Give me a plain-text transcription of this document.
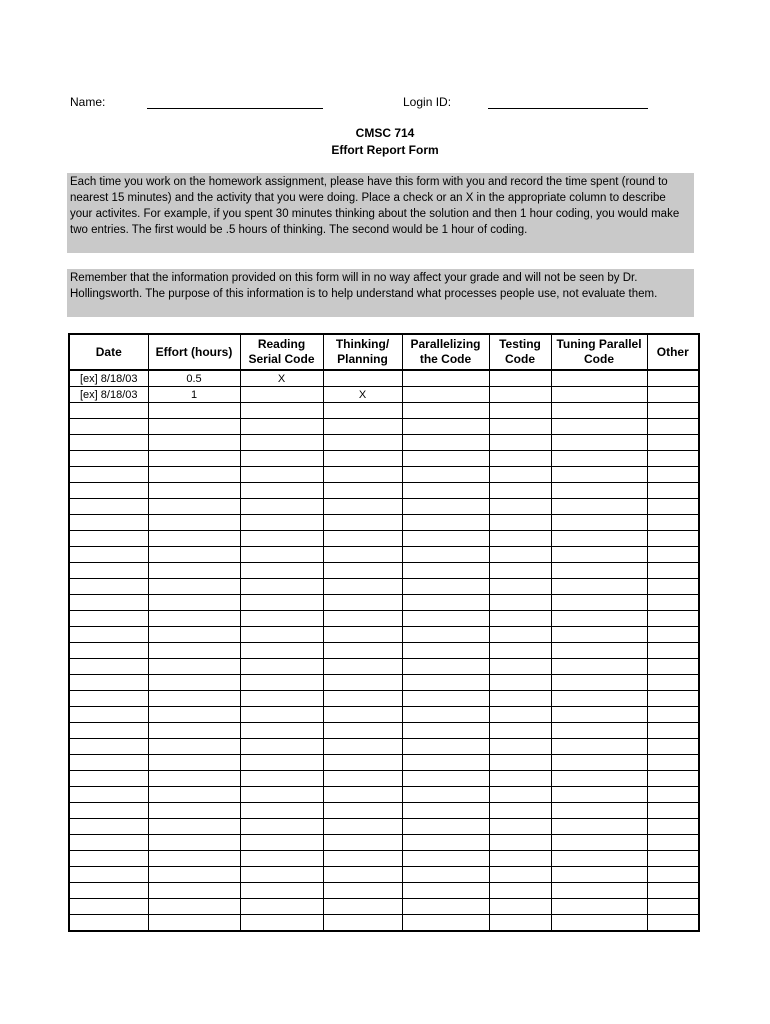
Name:	Login ID:
CMSC 714
Effort Report Form
Each time you work on the homework assignment, please have this form with you and record the time spent (round to nearest 15 minutes) and the activity that you were doing. Place a check or an X in the appropriate column to describe your activites. For example, if you spent 30 minutes thinking about the solution and then 1 hour coding, you would make two entries. The first would be .5 hours of thinking. The second would be 1 hour of coding.
Remember that the information provided on this form will in no way affect your grade and will not be seen by Dr. Hollingsworth. The purpose of this information is to help understand what processes people use, not evaluate them.
Date	Effort (hours)	Reading Serial Code	Thinking/ Planning	Parallelizing the Code	Testing Code	Tuning Parallel Code	Other
[ex] 8/18/03	0.5	X					
[ex] 8/18/03	1		X				
